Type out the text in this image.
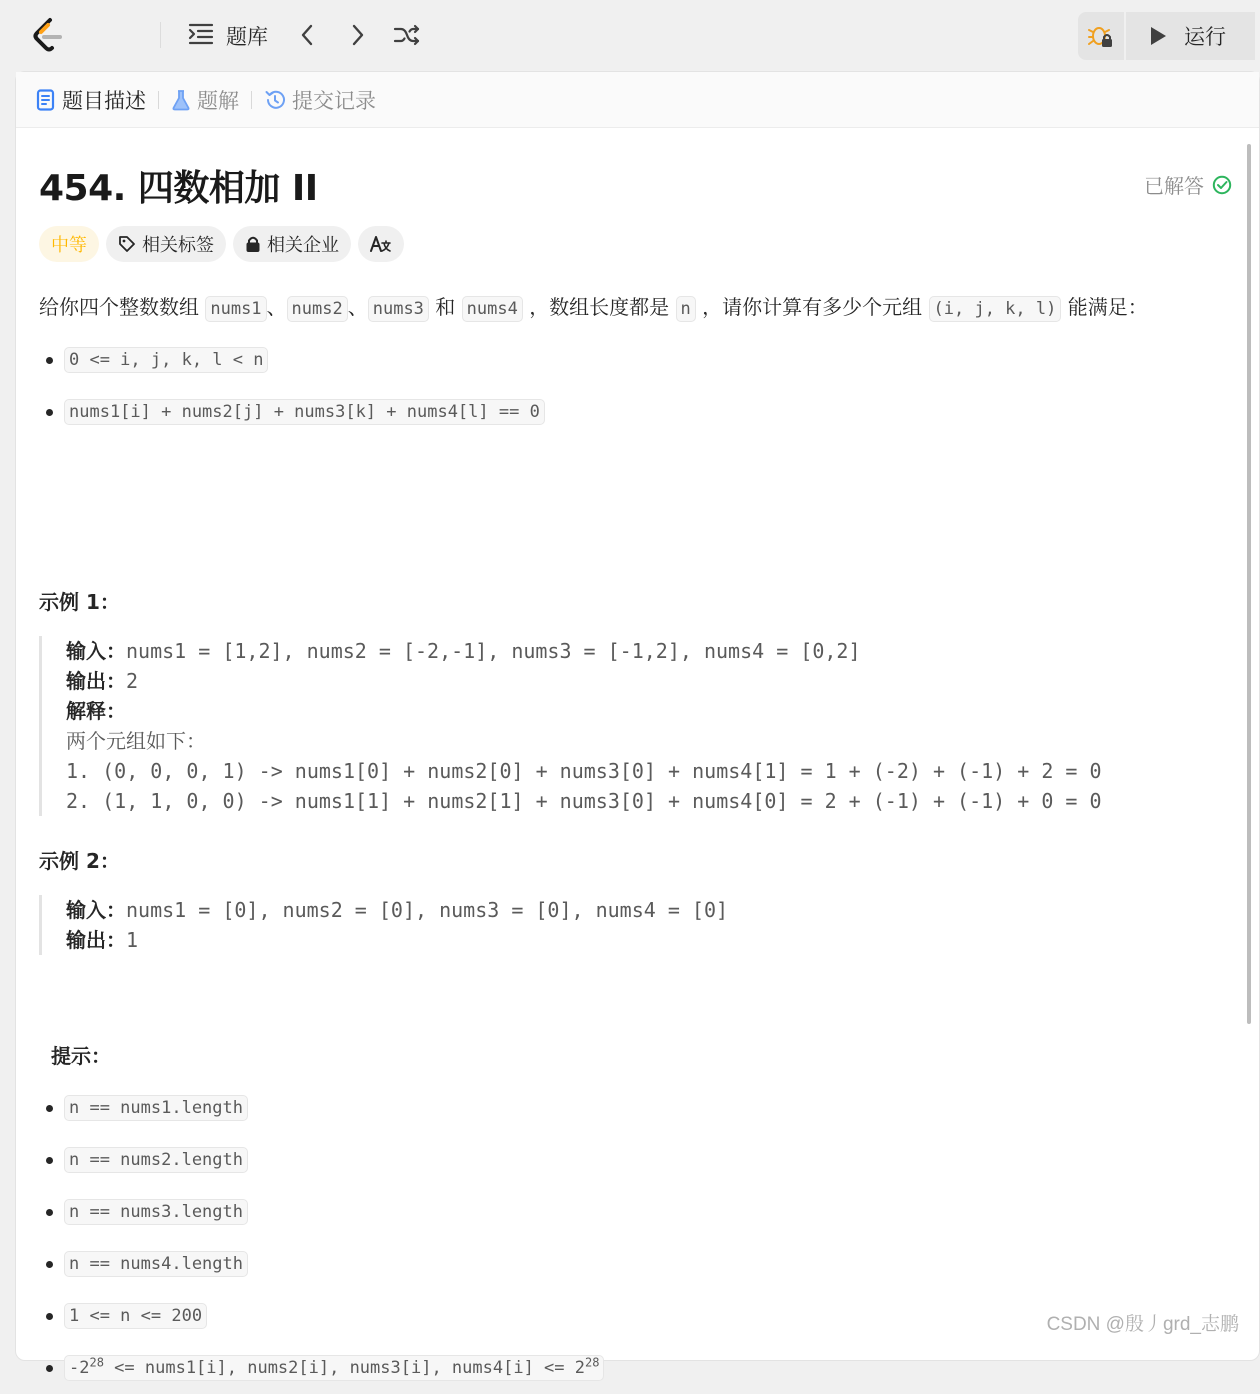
题库	运行
题目描述 题解	提交记录
454. 四数相加 II	已解答
中等	相关标签	相关企业
给你四个整数数组 nums1 、 nums2 、 nums3 和 nums4 ，数组长度都是 n ，请你计算有多少个元组 (i, j, k, l) 能满足：
0 <= i, j, k, l < n
nums1[i] + nums2[j] + nums3[k] + nums4[l] == 0
示例 1：
输入：nums1 = [1,2], nums2 = [-2,-1], nums3 = [-1,2], nums4 = [0,2]
输出：2
解释：
两个元组如下：
1. (0, 0, 0, 1) -> nums1[0] + nums2[0] + nums3[0] + nums4[1] = 1 + (-2) + (-1) + 2 = 0
2. (1, 1, 0, 0) -> nums1[1] + nums2[1] + nums3[0] + nums4[0] = 2 + (-1) + (-1) + 0 = 0
示例 2：
输入：nums1 = [0], nums2 = [0], nums3 = [0], nums4 = [0]
输出：1
提示：
n == nums1.length
n == nums2.length
n == nums3.length
n == nums4.length
1 <= n <= 200
$-2^{28}$ <= nums1[i], nums2[i], nums3[i], nums4[i] <= $2^{28}$
CSDN @殷丿grd_志鹏
